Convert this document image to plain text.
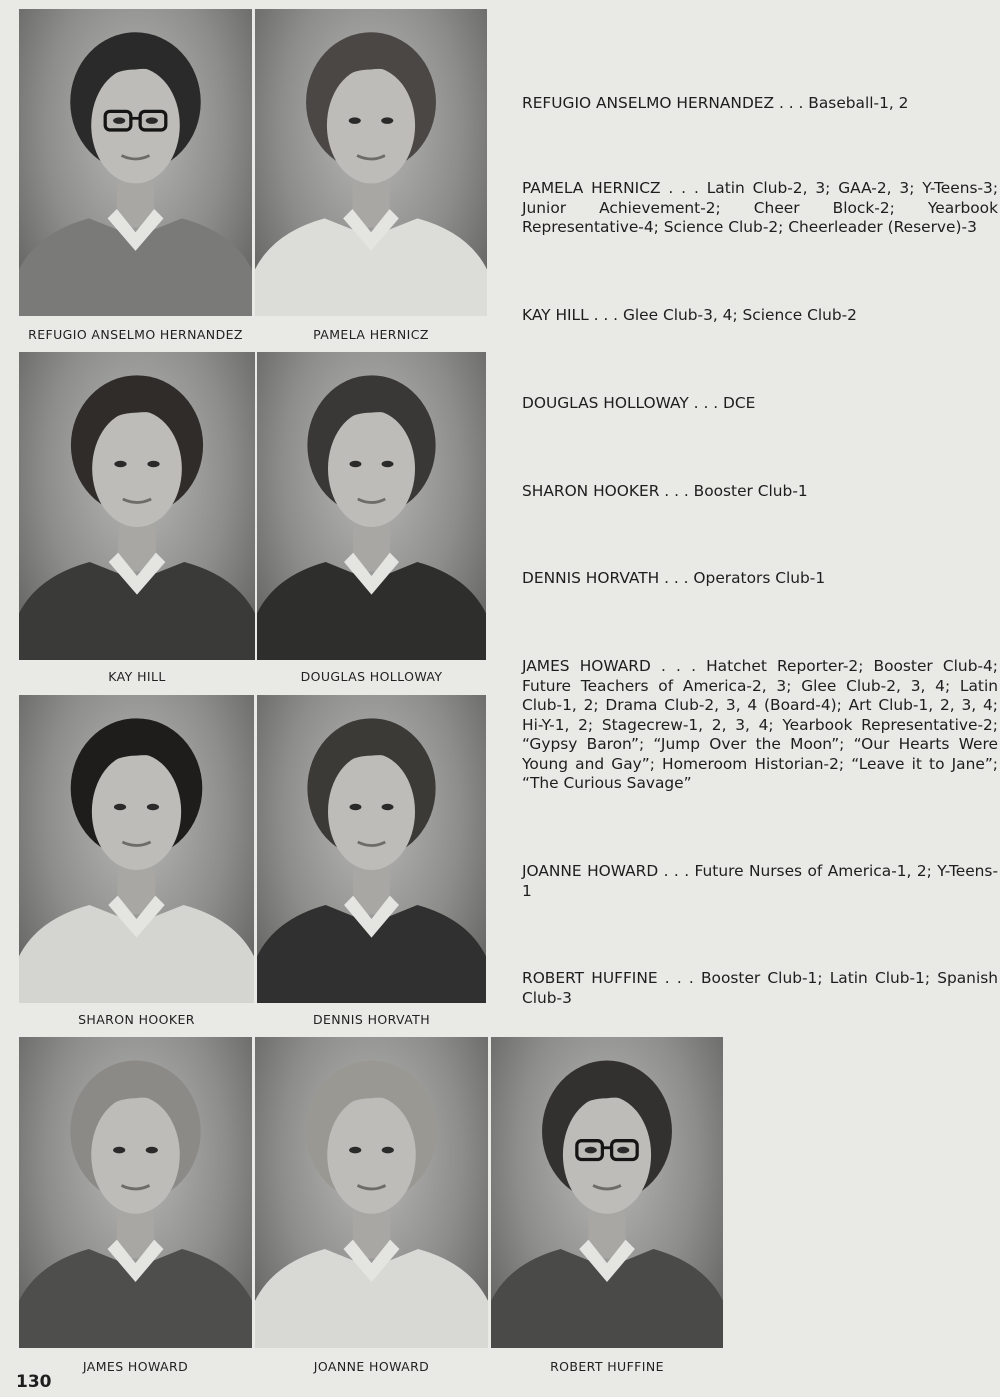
REFUGIO ANSELMO HERNANDEZ	PAMELA HERNICZ
KAY HILL	DOUGLAS HOLLOWAY
SHARON HOOKER	DENNIS HORVATH
JAMES HOWARD	JOANNE HOWARD	ROBERT HUFFINE
REFUGIO ANSELMO HERNANDEZ . . . Baseball-1, 2
PAMELA HERNICZ . . . Latin Club-2, 3; GAA-2, 3; Y-Teens-3; Junior Achievement-2; Cheer Block-2; Yearbook Representative-4; Science Club-2; Cheerleader (Reserve)-3
KAY HILL . . . Glee Club-3, 4; Science Club-2
DOUGLAS HOLLOWAY . . . DCE
SHARON HOOKER . . . Booster Club-1
DENNIS HORVATH . . . Operators Club-1
JAMES HOWARD . . . Hatchet Reporter-2; Booster Club-4; Future Teachers of America-2, 3; Glee Club-2, 3, 4; Latin Club-1, 2; Drama Club-2, 3, 4 (Board-4); Art Club-1, 2, 3, 4; Hi-Y-1, 2; Stagecrew-1, 2, 3, 4; Yearbook Representative-2; “Gypsy Baron”; “Jump Over the Moon”; “Our Hearts Were Young and Gay”; Homeroom Historian-2; “Leave it to Jane”; “The Curious Savage”
JOANNE HOWARD . . . Future Nurses of America-1, 2; Y-Teens-1
ROBERT HUFFINE . . . Booster Club-1; Latin Club-1; Spanish Club-3
130
